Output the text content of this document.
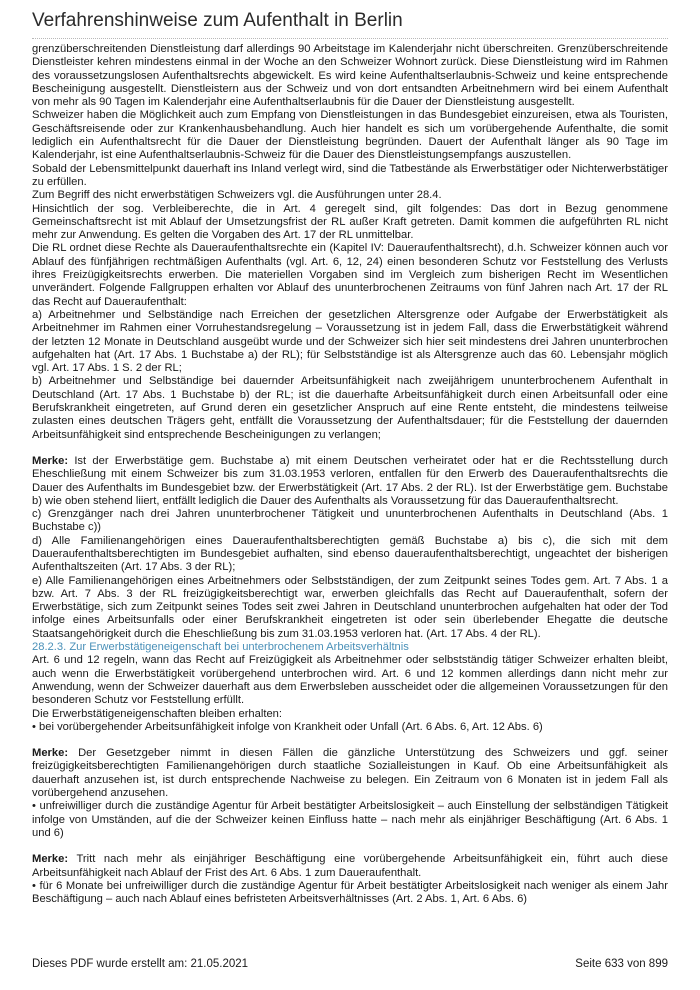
Verfahrenshinweise zum Aufenthalt in Berlin

grenzüberschreitenden Dienstleistung darf allerdings 90 Arbeitstage im Kalenderjahr nicht überschreiten. Grenzüberschreitende Dienstleister kehren mindestens einmal in der Woche an den Schweizer Wohnort zurück. Diese Dienstleistung wird im Rahmen des voraussetzungslosen Aufenthaltsrechts abgewickelt. Es wird keine Aufenthaltserlaubnis-Schweiz und keine entsprechende Bescheinigung ausgestellt. Dienstleistern aus der Schweiz und von dort entsandten Arbeitnehmern wird bei einem Aufenthalt von mehr als 90 Tagen im Kalenderjahr eine Aufenthaltserlaubnis für die Dauer der Dienstleistung ausgestellt.

Schweizer haben die Möglichkeit auch zum Empfang von Dienstleistungen in das Bundesgebiet einzureisen, etwa als Touristen, Geschäftsreisende oder zur Krankenhausbehandlung. Auch hier handelt es sich um vorübergehende Aufenthalte, die somit lediglich ein Aufenthaltsrecht für die Dauer der Dienstleistung begründen. Dauert der Aufenthalt länger als 90 Tage im Kalenderjahr, ist eine Aufenthaltserlaubnis-Schweiz für die Dauer des Dienstleistungsempfangs auszustellen.

Sobald der Lebensmittelpunkt dauerhaft ins Inland verlegt wird, sind die Tatbestände als Erwerbstätiger oder Nichterwerbstätiger zu erfüllen.

Zum Begriff des nicht erwerbstätigen Schweizers vgl. die Ausführungen unter 28.4.

Hinsichtlich der sog. Verbleiberechte, die in Art. 4 geregelt sind, gilt folgendes: Das dort in Bezug genommene Gemeinschaftsrecht ist mit Ablauf der Umsetzungsfrist der RL außer Kraft getreten. Damit kommen die aufgeführten RL nicht mehr zur Anwendung. Es gelten die Vorgaben des Art. 17 der RL unmittelbar.

Die RL ordnet diese Rechte als Daueraufenthaltsrechte ein (Kapitel IV: Daueraufenthaltsrecht), d.h. Schweizer können auch vor Ablauf des fünfjährigen rechtmäßigen Aufenthalts (vgl. Art. 6, 12, 24) einen besonderen Schutz vor Feststellung des Verlusts ihres Freizügigkeitsrechts erwerben. Die materiellen Vorgaben sind im Vergleich zum bisherigen Recht im Wesentlichen unverändert. Folgende Fallgruppen erhalten vor Ablauf des ununterbrochenen Zeitraums von fünf Jahren nach Art. 17 der RL das Recht auf Daueraufenthalt:

a) Arbeitnehmer und Selbständige nach Erreichen der gesetzlichen Altersgrenze oder Aufgabe der Erwerbstätigkeit als Arbeitnehmer im Rahmen einer Vorruhestandsregelung – Voraussetzung ist in jedem Fall, dass die Erwerbstätigkeit während der letzten 12 Monate in Deutschland ausgeübt wurde und der Schweizer sich hier seit mindestens drei Jahren ununterbrochen aufgehalten hat (Art. 17 Abs. 1 Buchstabe a) der RL); für Selbstständige ist als Altersgrenze auch das 60. Lebensjahr möglich vgl. Art. 17 Abs. 1 S. 2 der RL;

b) Arbeitnehmer und Selbständige bei dauernder Arbeitsunfähigkeit nach zweijährigem ununterbrochenem Aufenthalt in Deutschland (Art. 17 Abs. 1 Buchstabe b) der RL; ist die dauerhafte Arbeitsunfähigkeit durch einen Arbeitsunfall oder eine Berufskrankheit eingetreten, auf Grund deren ein gesetzlicher Anspruch auf eine Rente entsteht, die mindestens teilweise zulasten eines deutschen Trägers geht, entfällt die Voraussetzung der Aufenthaltsdauer; für die Feststellung der dauernden Arbeitsunfähigkeit sind entsprechende Bescheinigungen zu verlangen;

Merke: Ist der Erwerbstätige gem. Buchstabe a) mit einem Deutschen verheiratet oder hat er die Rechtsstellung durch Eheschließung mit einem Schweizer bis zum 31.03.1953 verloren, entfallen für den Erwerb des Daueraufenthaltsrechts die Dauer des Aufenthalts im Bundesgebiet bzw. der Erwerbstätigkeit (Art. 17 Abs. 2 der RL). Ist der Erwerbstätige gem. Buchstabe b) wie oben stehend liiert, entfällt lediglich die Dauer des Aufenthalts als Voraussetzung für das Daueraufenthaltsrecht.

c) Grenzgänger nach drei Jahren ununterbrochener Tätigkeit und ununterbrochenen Aufenthalts in Deutschland (Abs. 1 Buchstabe c))

d) Alle Familienangehörigen eines Daueraufenthaltsberechtigten gemäß Buchstabe a) bis c), die sich mit dem Daueraufenthaltsberechtigten im Bundesgebiet aufhalten, sind ebenso daueraufenthaltsberechtigt, ungeachtet der bisherigen Aufenthaltszeiten (Art. 17 Abs. 3 der RL);

e) Alle Familienangehörigen eines Arbeitnehmers oder Selbstständigen, der zum Zeitpunkt seines Todes gem. Art. 7 Abs. 1 a bzw. Art. 7 Abs. 3 der RL freizügigkeitsberechtigt war, erwerben gleichfalls das Recht auf Daueraufenthalt, sofern der Erwerbstätige, sich zum Zeitpunkt seines Todes seit zwei Jahren in Deutschland ununterbrochen aufgehalten hat oder der Tod infolge eines Arbeitsunfalls oder einer Berufskrankheit eingetreten ist oder sein überlebender Ehegatte die deutsche Staatsangehörigkeit durch die Eheschließung bis zum 31.03.1953 verloren hat. (Art. 17 Abs. 4 der RL).

28.2.3. Zur Erwerbstätigeneigenschaft bei unterbrochenem Arbeitsverhältnis

Art. 6 und 12 regeln, wann das Recht auf Freizügigkeit als Arbeitnehmer oder selbstständig tätiger Schweizer erhalten bleibt, auch wenn die Erwerbstätigkeit vorübergehend unterbrochen wird. Art. 6 und 12 kommen allerdings dann nicht mehr zur Anwendung, wenn der Schweizer dauerhaft aus dem Erwerbsleben ausscheidet oder die allgemeinen Voraussetzungen für den besonderen Schutz vor Feststellung erfüllt.

Die Erwerbstätigeneigenschaften bleiben erhalten:

• bei vorübergehender Arbeitsunfähigkeit infolge von Krankheit oder Unfall (Art. 6 Abs. 6, Art. 12 Abs. 6)

Merke: Der Gesetzgeber nimmt in diesen Fällen die gänzliche Unterstützung des Schweizers und ggf. seiner freizügigkeitsberechtigten Familienangehörigen durch staatliche Sozialleistungen in Kauf. Ob eine Arbeitsunfähigkeit als dauerhaft anzusehen ist, ist durch entsprechende Nachweise zu belegen. Ein Zeitraum von 6 Monaten ist in jedem Fall als vorübergehend anzusehen.

• unfreiwilliger durch die zuständige Agentur für Arbeit bestätigter Arbeitslosigkeit – auch Einstellung der selbständigen Tätigkeit infolge von Umständen, auf die der Schweizer keinen Einfluss hatte – nach mehr als einjähriger Beschäftigung (Art. 6 Abs. 1 und 6)

Merke: Tritt nach mehr als einjähriger Beschäftigung eine vorübergehende Arbeitsunfähigkeit ein, führt auch diese Arbeitsunfähigkeit nach Ablauf der Frist des Art. 6 Abs. 1 zum Daueraufenthalt.

• für 6 Monate bei unfreiwilliger durch die zuständige Agentur für Arbeit bestätigter Arbeitslosigkeit nach weniger als einem Jahr Beschäftigung – auch nach Ablauf eines befristeten Arbeitsverhältnisses (Art. 2 Abs. 1, Art. 6 Abs. 6)

Dieses PDF wurde erstellt am: 21.05.2021	Seite 633 von 899
